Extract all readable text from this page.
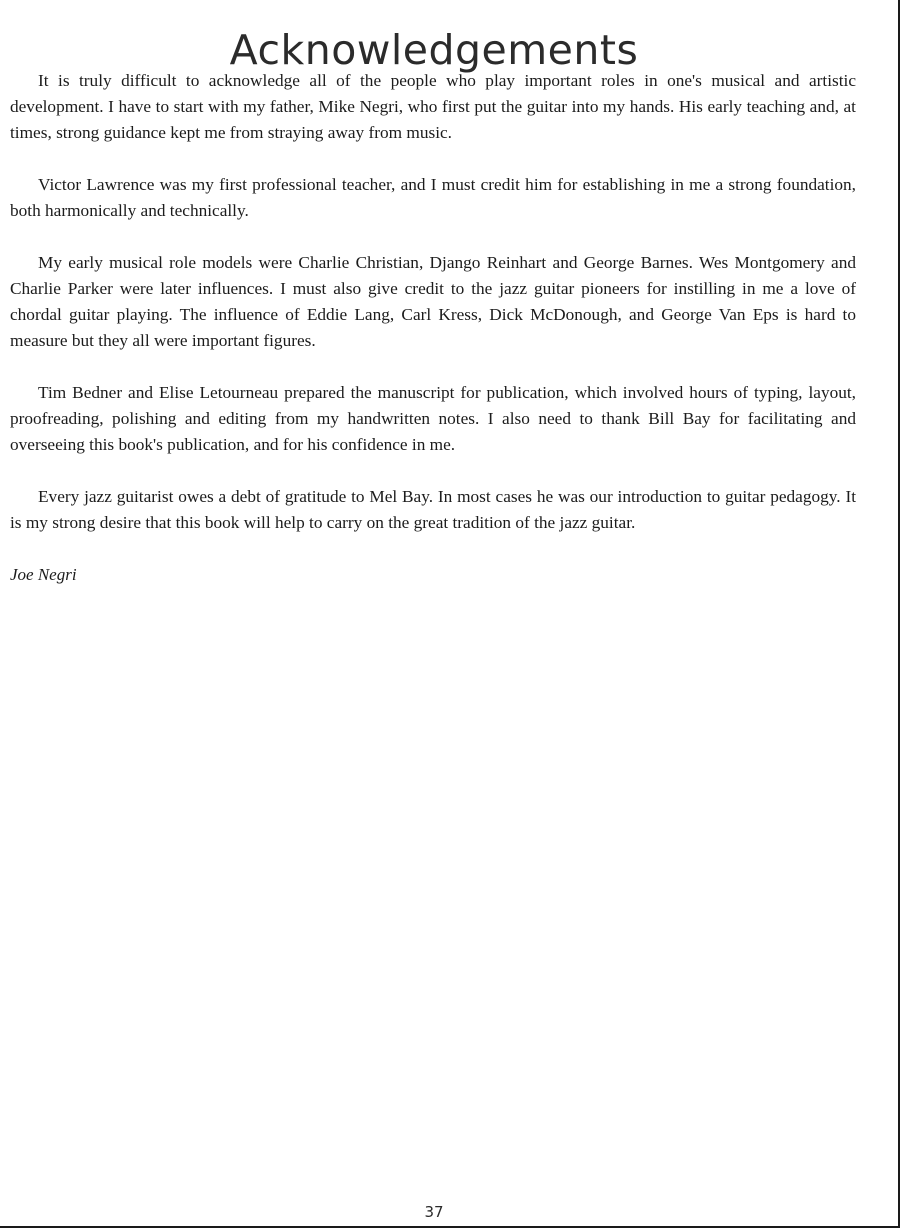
Acknowledgements

It is truly difficult to acknowledge all of the people who play important roles in one's musical and artistic development. I have to start with my father, Mike Negri, who first put the guitar into my hands. His early teaching and, at times, strong guidance kept me from straying away from music.

Victor Lawrence was my first professional teacher, and I must credit him for establishing in me a strong foundation, both harmonically and technically.

My early musical role models were Charlie Christian, Django Reinhart and George Barnes. Wes Montgomery and Charlie Parker were later influences. I must also give credit to the jazz guitar pioneers for instilling in me a love of chordal guitar playing. The influence of Eddie Lang, Carl Kress, Dick McDonough, and George Van Eps is hard to measure but they all were important figures.

Tim Bedner and Elise Letourneau prepared the manuscript for publication, which involved hours of typing, layout, proofreading, polishing and editing from my handwritten notes. I also need to thank Bill Bay for facilitating and overseeing this book's publication, and for his confidence in me.

Every jazz guitarist owes a debt of gratitude to Mel Bay. In most cases he was our introduction to guitar pedagogy. It is my strong desire that this book will help to carry on the great tradition of the jazz guitar.

Joe Negri

37
